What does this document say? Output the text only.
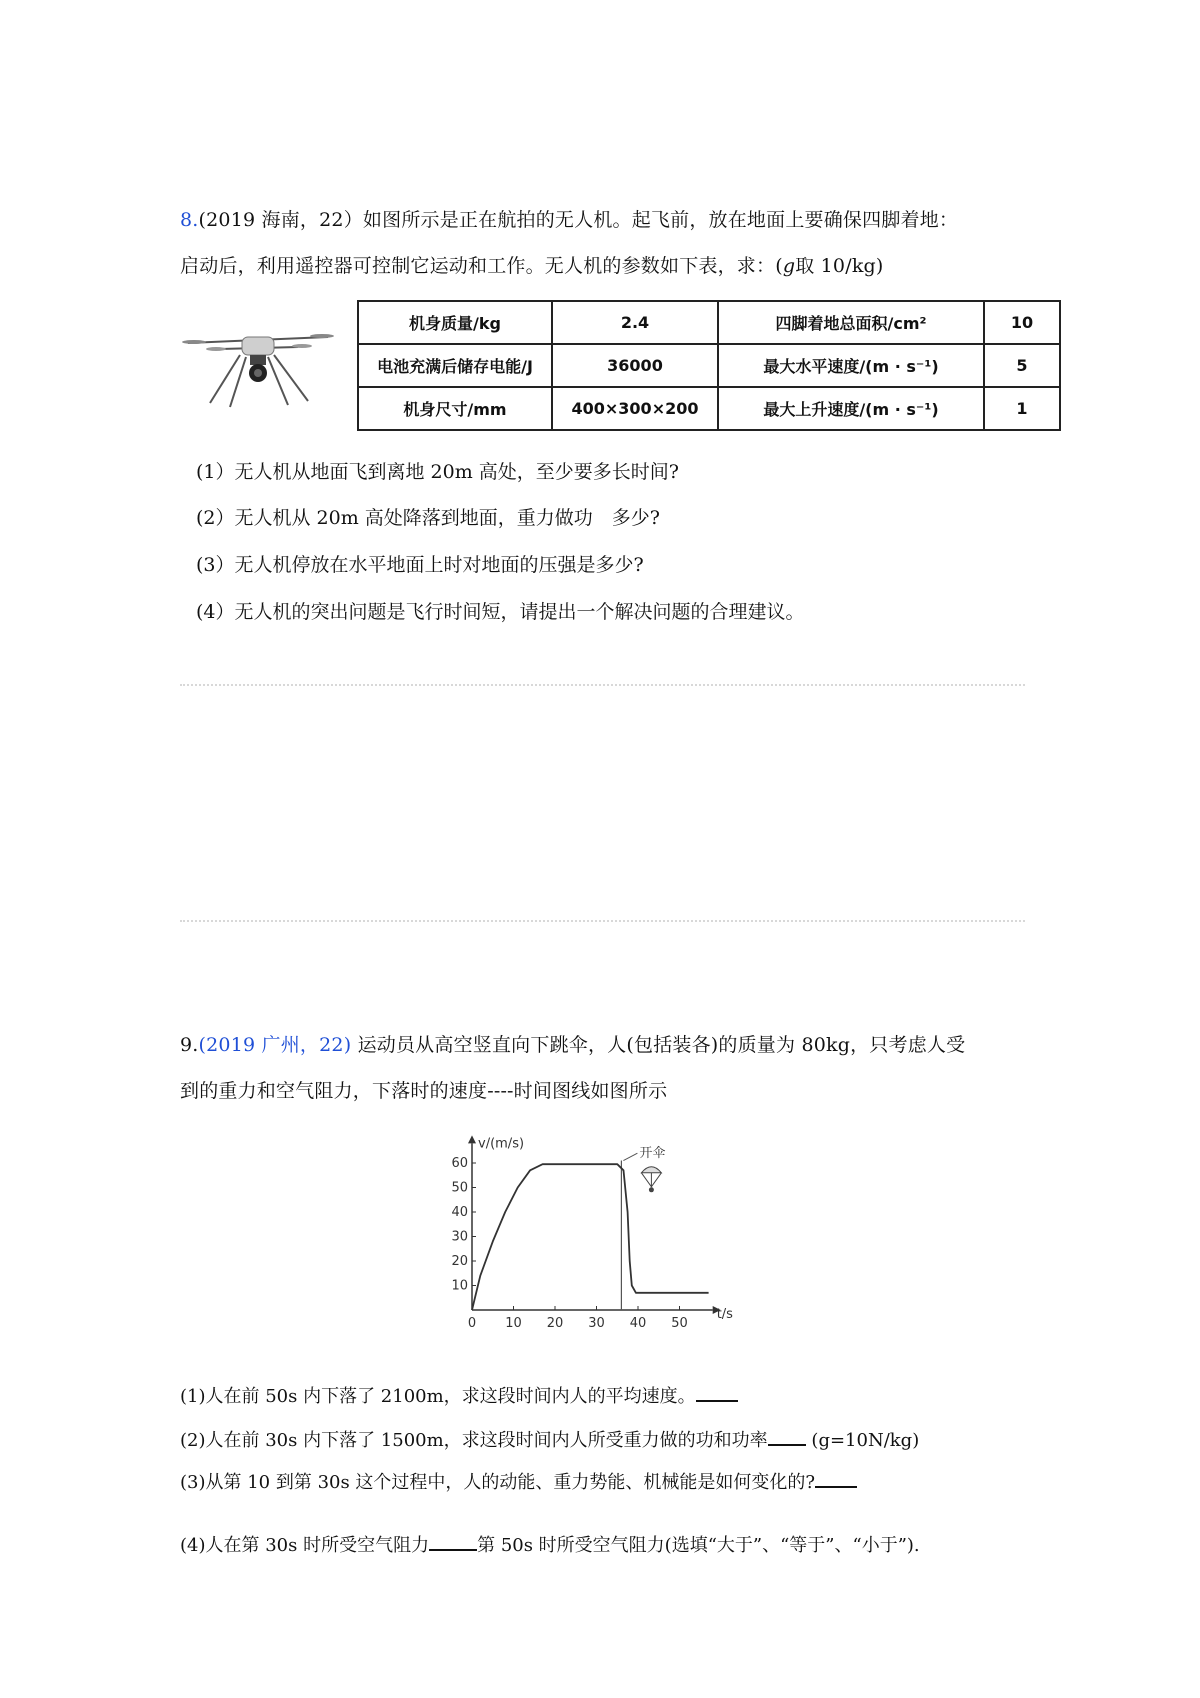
8.(2019 海南，22）如图所示是正在航拍的无人机。起飞前，放在地面上要确保四脚着地：
启动后，利用遥控器可控制它运动和工作。无人机的参数如下表，求：(g取 10/kg)
机身质量/kg	2.4	四脚着地总面积/cm²	10
电池充满后储存电能/J	36000	最大水平速度/(m · s⁻¹)	5
机身尺寸/mm	400×300×200	最大上升速度/(m · s⁻¹)	1
(1）无人机从地面飞到离地 20m 高处，至少要多长时间?
(2）无人机从 20m 高处降落到地面，重力做功　多少?
(3）无人机停放在水平地面上时对地面的压强是多少?
(4）无人机的突出问题是飞行时间短，请提出一个解决问题的合理建议。
9.(2019 广州，22) 运动员从高空竖直向下跳伞，人(包括装各)的质量为 80kg，只考虑人受
到的重力和空气阻力，下落时的速度----时间图线如图所示
0 10 20 30 40 50
10
20
30
40
50
60
v/(m/s)
t/s
开伞
(1)人在前 50s 内下落了 2100m，求这段时间内人的平均速度。
(2)人在前 30s 内下落了 1500m，求这段时间内人所受重力做的功和功率 (g=10N/kg)
(3)从第 10 到第 30s 这个过程中，人的动能、重力势能、机械能是如何变化的?
(4)人在第 30s 时所受空气阻力	第 50s 时所受空气阻力(选填“大于”、“等于”、“小于”).
